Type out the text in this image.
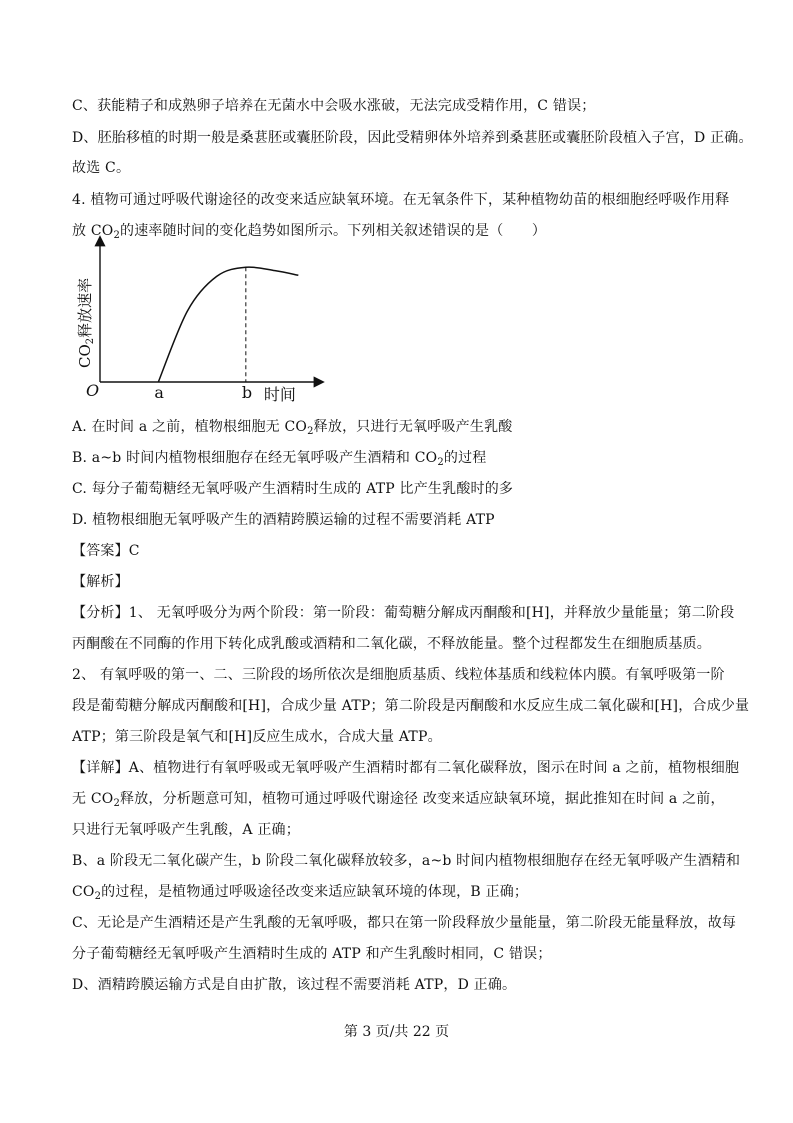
C、获能精子和成熟卵子培养在无菌水中会吸水涨破，无法完成受精作用，C 错误；
D、胚胎移植的时期一般是桑葚胚或囊胚阶段，因此受精卵体外培养到桑葚胚或囊胚阶段植入子宫，D 正确。
故选 C。
4. 植物可通过呼吸代谢途径的改变来适应缺氧环境。在无氧条件下，某种植物幼苗的根细胞经呼吸作用释
放 $CO_2$的速率随时间的变化趋势如图所示。下列相关叙述错误的是（　　）
$CO_2$释放速率
O	a	b 时间
A. 在时间 a 之前，植物根细胞无 $CO_2$释放，只进行无氧呼吸产生乳酸
B. a~b 时间内植物根细胞存在经无氧呼吸产生酒精和 $CO_2$的过程
C. 每分子葡萄糖经无氧呼吸产生酒精时生成的 ATP 比产生乳酸时的多
D. 植物根细胞无氧呼吸产生的酒精跨膜运输的过程不需要消耗 ATP
【答案】C
【解析】
【分析】1、 无氧呼吸分为两个阶段：第一阶段：葡萄糖分解成丙酮酸和[H]，并释放少量能量；第二阶段
丙酮酸在不同酶的作用下转化成乳酸或酒精和二氧化碳，不释放能量。整个过程都发生在细胞质基质。
2、 有氧呼吸的第一、二、三阶段的场所依次是细胞质基质、线粒体基质和线粒体内膜。有氧呼吸第一阶
段是葡萄糖分解成丙酮酸和[H]，合成少量 ATP；第二阶段是丙酮酸和水反应生成二氧化碳和[H]，合成少量
ATP；第三阶段是氧气和[H]反应生成水，合成大量 ATP。
【详解】A、植物进行有氧呼吸或无氧呼吸产生酒精时都有二氧化碳释放，图示在时间 a 之前，植物根细胞
无 $CO_2$释放，分析题意可知，植物可通过呼吸代谢途径 改变来适应缺氧环境，据此推知在时间 a 之前，
只进行无氧呼吸产生乳酸，A 正确；
B、a 阶段无二氧化碳产生，b 阶段二氧化碳释放较多，a~b 时间内植物根细胞存在经无氧呼吸产生酒精和
$CO_2$的过程，是植物通过呼吸途径改变来适应缺氧环境的体现，B 正确；
C、无论是产生酒精还是产生乳酸的无氧呼吸，都只在第一阶段释放少量能量，第二阶段无能量释放，故每
分子葡萄糖经无氧呼吸产生酒精时生成的 ATP 和产生乳酸时相同，C 错误；
D、酒精跨膜运输方式是自由扩散，该过程不需要消耗 ATP，D 正确。
第 3 页/共 22 页
